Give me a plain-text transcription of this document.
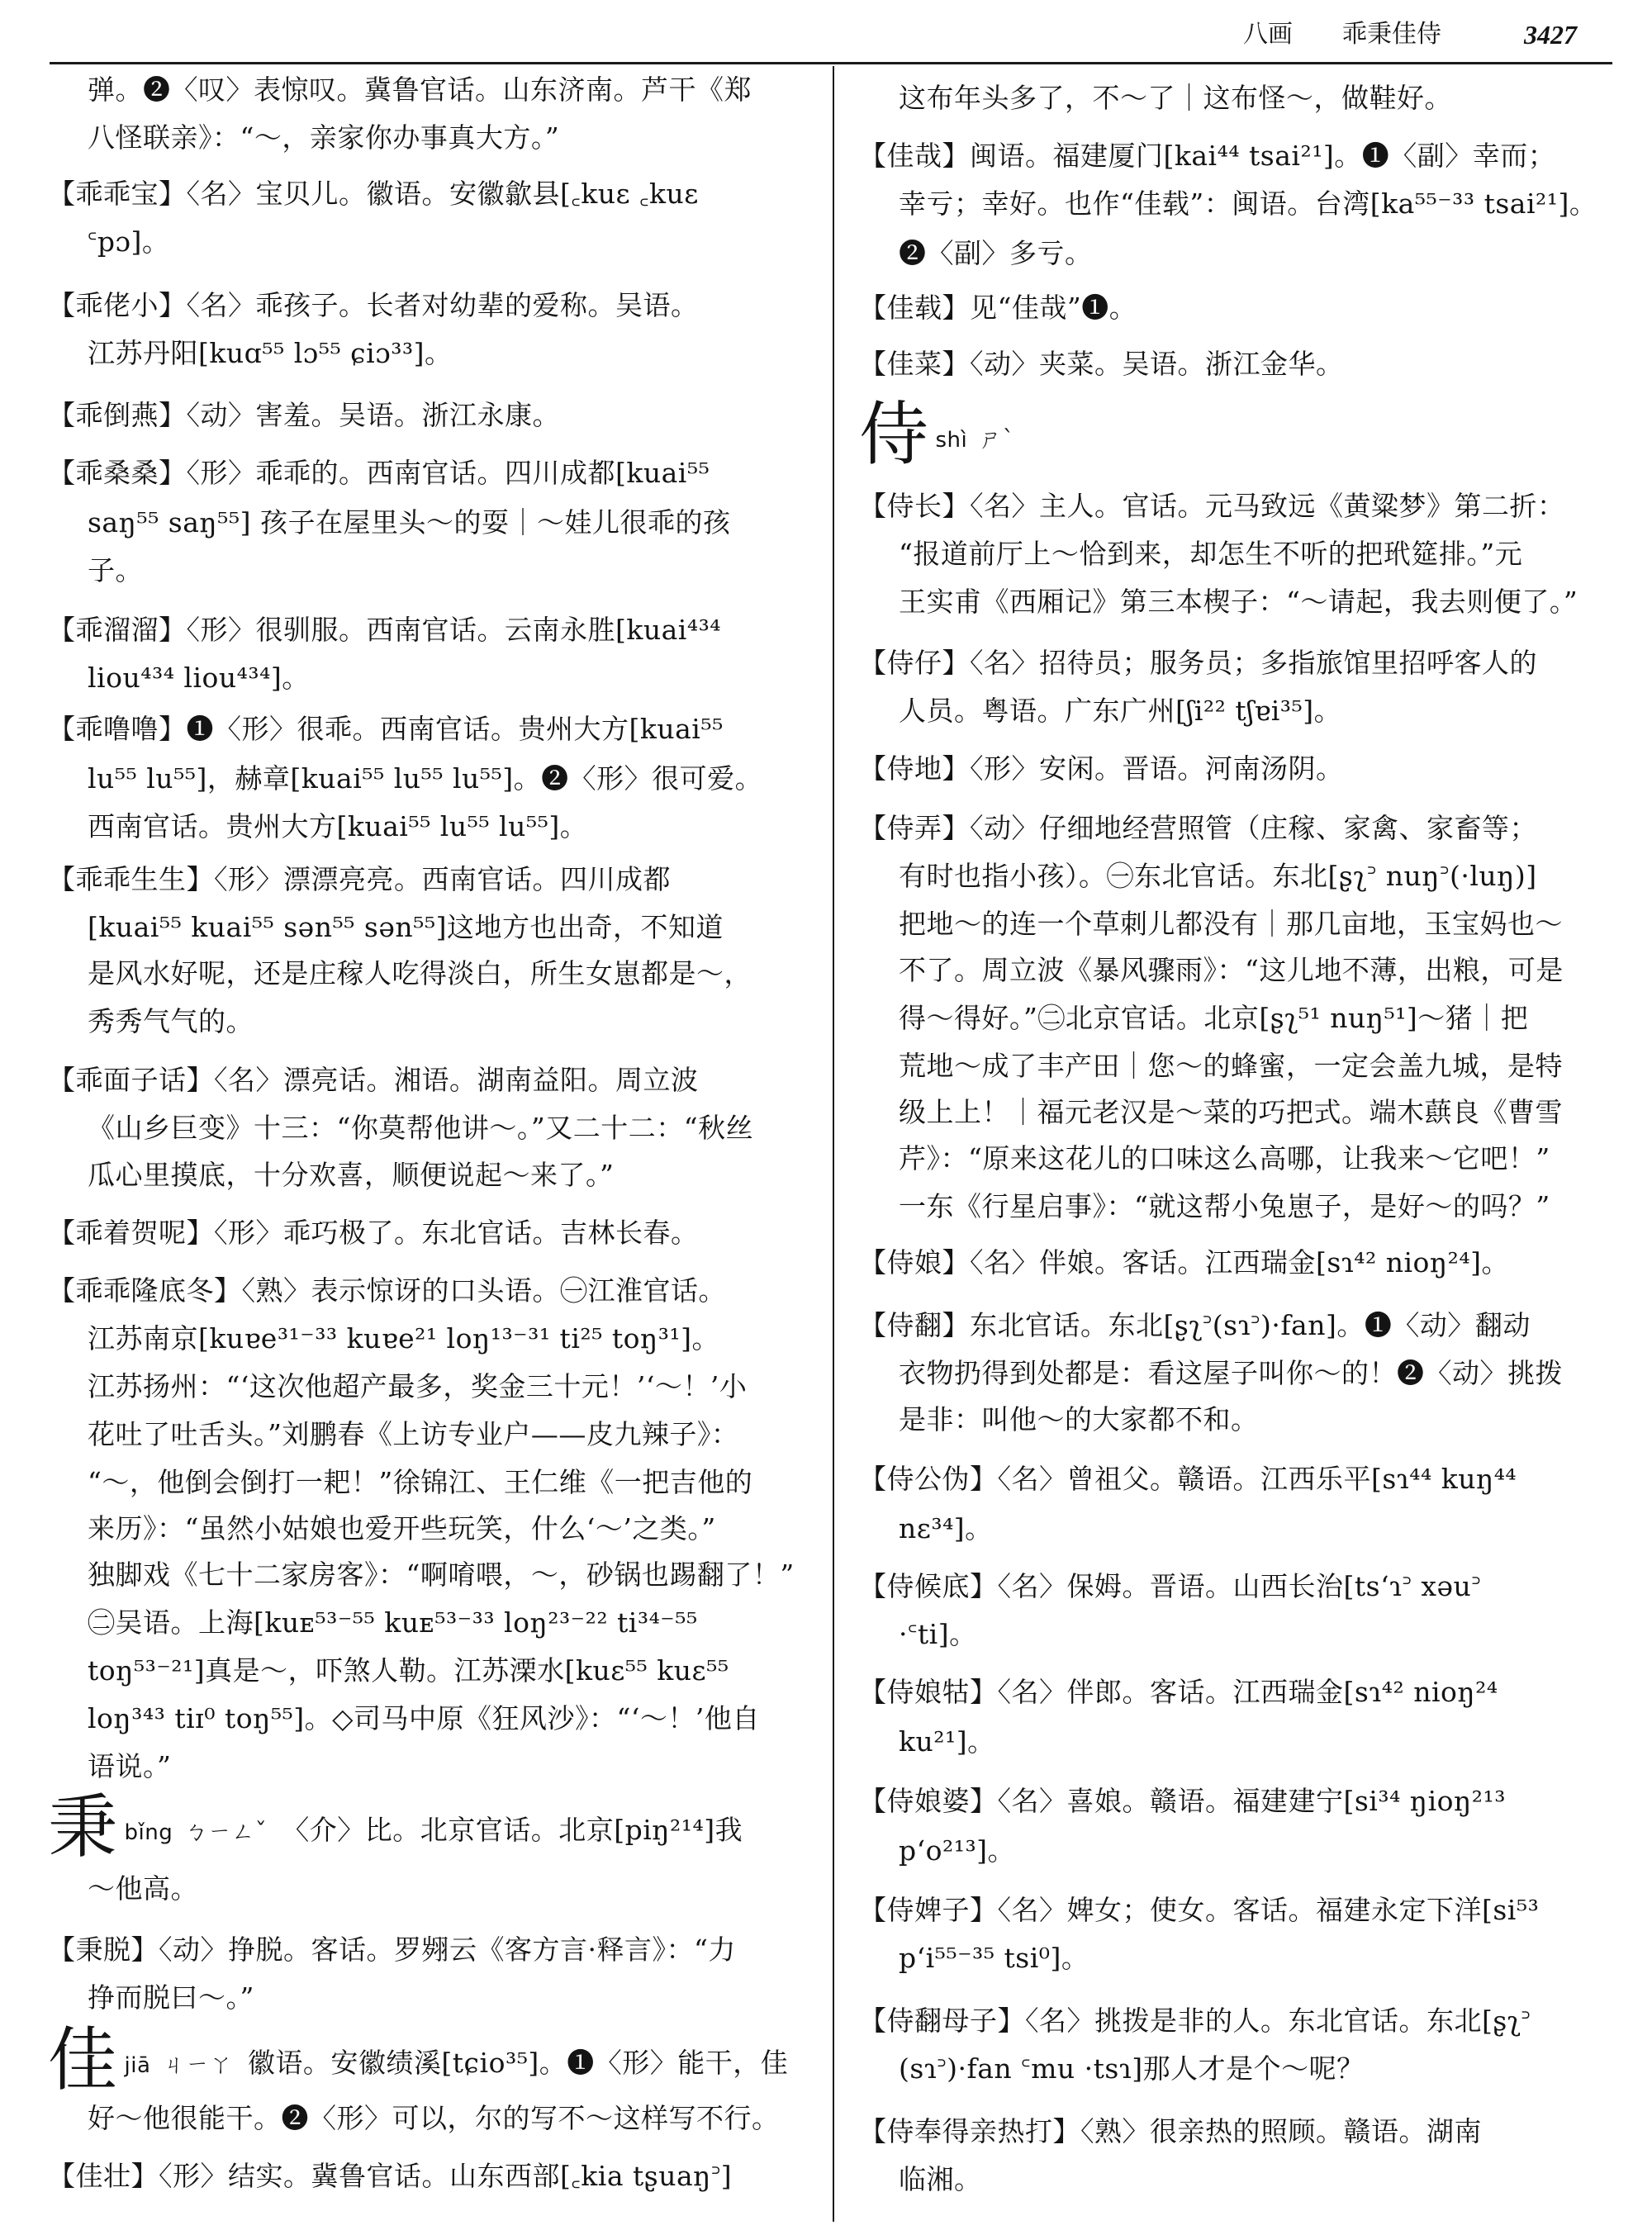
八画 乖秉佳侍	3427
弹。❷〈叹〉表惊叹。冀鲁官话。山东济南。芦干《郑
八怪联亲》：“～，亲家你办事真大方。”
【乖乖宝】〈名〉宝贝儿。徽语。安徽歙县[꜀kuɛ ꜀kuɛ
꜂pɔ]。
【乖佬小】〈名〉乖孩子。长者对幼辈的爱称。吴语。
江苏丹阳[kuɑ⁵⁵ lɔ⁵⁵ ɕiɔ³³]。
【乖倒燕】〈动〉害羞。吴语。浙江永康。
【乖桑桑】〈形〉乖乖的。西南官话。四川成都[kuai⁵⁵
saŋ⁵⁵ saŋ⁵⁵] 孩子在屋里头～的耍｜～娃儿很乖的孩
子。
【乖溜溜】〈形〉很驯服。西南官话。云南永胜[kuai⁴³⁴
liou⁴³⁴ liou⁴³⁴]。
【乖噜噜】❶〈形〉很乖。西南官话。贵州大方[kuai⁵⁵
lu⁵⁵ lu⁵⁵]，赫章[kuai⁵⁵ lu⁵⁵ lu⁵⁵]。❷〈形〉很可爱。
西南官话。贵州大方[kuai⁵⁵ lu⁵⁵ lu⁵⁵]。
【乖乖生生】〈形〉漂漂亮亮。西南官话。四川成都
[kuai⁵⁵ kuai⁵⁵ sən⁵⁵ sən⁵⁵]这地方也出奇，不知道
是风水好呢，还是庄稼人吃得淡白，所生女崽都是～，
秀秀气气的。
【乖面子话】〈名〉漂亮话。湘语。湖南益阳。周立波
《山乡巨变》十三：“你莫帮他讲～。”又二十二：“秋丝
瓜心里摸底，十分欢喜，顺便说起～来了。”
【乖着贺呢】〈形〉乖巧极了。东北官话。吉林长春。
【乖乖隆底冬】〈熟〉表示惊讶的口头语。㊀江淮官话。
江苏南京[kuɐe³¹⁻³³ kuɐe²¹ loŋ¹³⁻³¹ ti²⁵ toŋ³¹]。
江苏扬州：“‘这次他超产最多，奖金三十元！’‘～！’小
花吐了吐舌头。”刘鹏春《上访专业户——皮九辣子》：
“～，他倒会倒打一耙！”徐锦江、王仁维《一把吉他的
来历》：“虽然小姑娘也爱开些玩笑，什么‘～’之类。”
独脚戏《七十二家房客》：“啊唷喂，～，砂锅也踢翻了！”
㊁吴语。上海[kuᴇ⁵³⁻⁵⁵ kuᴇ⁵³⁻³³ loŋ²³⁻²² ti³⁴⁻⁵⁵
toŋ⁵³⁻²¹]真是～，吓煞人勒。江苏溧水[kuɛ⁵⁵ kuɛ⁵⁵
loŋ³⁴³ tiɪ⁰ toŋ⁵⁵]。◇司马中原《狂风沙》：“‘～！’他自
语说。”
秉bǐng ㄅㄧㄥˇ 〈介〉比。北京官话。北京[piŋ²¹⁴]我
～他高。
【秉脱】〈动〉挣脱。客话。罗翙云《客方言·释言》：“力
挣而脱曰～。”
佳jiā ㄐㄧㄚ 徽语。安徽绩溪[tɕio³⁵]。❶〈形〉能干，佳
好～他很能干。❷〈形〉可以，尔的写不～这样写不行。
【佳壮】〈形〉结实。冀鲁官话。山东西部[꜀kia tʂuaŋ꜄]
这布年头多了，不～了｜这布怪～，做鞋好。
【佳哉】闽语。福建厦门[kai⁴⁴ tsai²¹]。❶〈副〉幸而；
幸亏；幸好。也作“佳载”：闽语。台湾[ka⁵⁵⁻³³ tsai²¹]。
❷〈副〉多亏。
【佳载】见“佳哉”❶。
【佳菜】〈动〉夹菜。吴语。浙江金华。
侍shì ㄕˋ
【侍长】〈名〉主人。官话。元马致远《黄粱梦》第二折：
“报道前厅上～恰到来，却怎生不听的把玳筵排。”元
王实甫《西厢记》第三本楔子：“～请起，我去则便了。”
【侍仔】〈名〉招待员；服务员；多指旅馆里招呼客人的
人员。粤语。广东广州[ʃi²² tʃɐi³⁵]。
【侍地】〈形〉安闲。晋语。河南汤阴。
【侍弄】〈动〉仔细地经营照管（庄稼、家禽、家畜等；
有时也指小孩）。㊀东北官话。东北[ʂʅ꜄ nuŋ꜄(·luŋ)]
把地～的连一个草刺儿都没有｜那几亩地，玉宝妈也～
不了。周立波《暴风骤雨》：“这儿地不薄，出粮，可是
得～得好。”㊁北京官话。北京[ʂʅ⁵¹ nuŋ⁵¹]～猪｜把
荒地～成了丰产田｜您～的蜂蜜，一定会盖九城，是特
级上上！｜福元老汉是～菜的巧把式。端木蕻良《曹雪
芹》：“原来这花儿的口味这么高哪，让我来～它吧！”
一东《行星启事》：“就这帮小兔崽子，是好～的吗？”
【侍娘】〈名〉伴娘。客话。江西瑞金[sɿ⁴² nioŋ²⁴]。
【侍翻】东北官话。东北[ʂʅ꜄(sɿ꜄)·fan]。❶〈动〉翻动
衣物扔得到处都是：看这屋子叫你～的！❷〈动〉挑拨
是非：叫他～的大家都不和。
【侍公伪】〈名〉曾祖父。赣语。江西乐平[sɿ⁴⁴ kuŋ⁴⁴
nɛ³⁴]。
【侍候底】〈名〉保姆。晋语。山西长治[tsʻɿ꜄ xəu꜄
·꜂ti]。
【侍娘牯】〈名〉伴郎。客话。江西瑞金[sɿ⁴² nioŋ²⁴
ku²¹]。
【侍娘婆】〈名〉喜娘。赣语。福建建宁[si³⁴ ŋioŋ²¹³
pʻo²¹³]。
【侍婢子】〈名〉婢女；使女。客话。福建永定下洋[si⁵³
pʻi⁵⁵⁻³⁵ tsi⁰]。
【侍翻母子】〈名〉挑拨是非的人。东北官话。东北[ʂʅ꜄
(sɿ꜄)·fan ꜂mu ·tsɿ]那人才是个～呢？
【侍奉得亲热打】〈熟〉很亲热的照顾。赣语。湖南
临湘。
